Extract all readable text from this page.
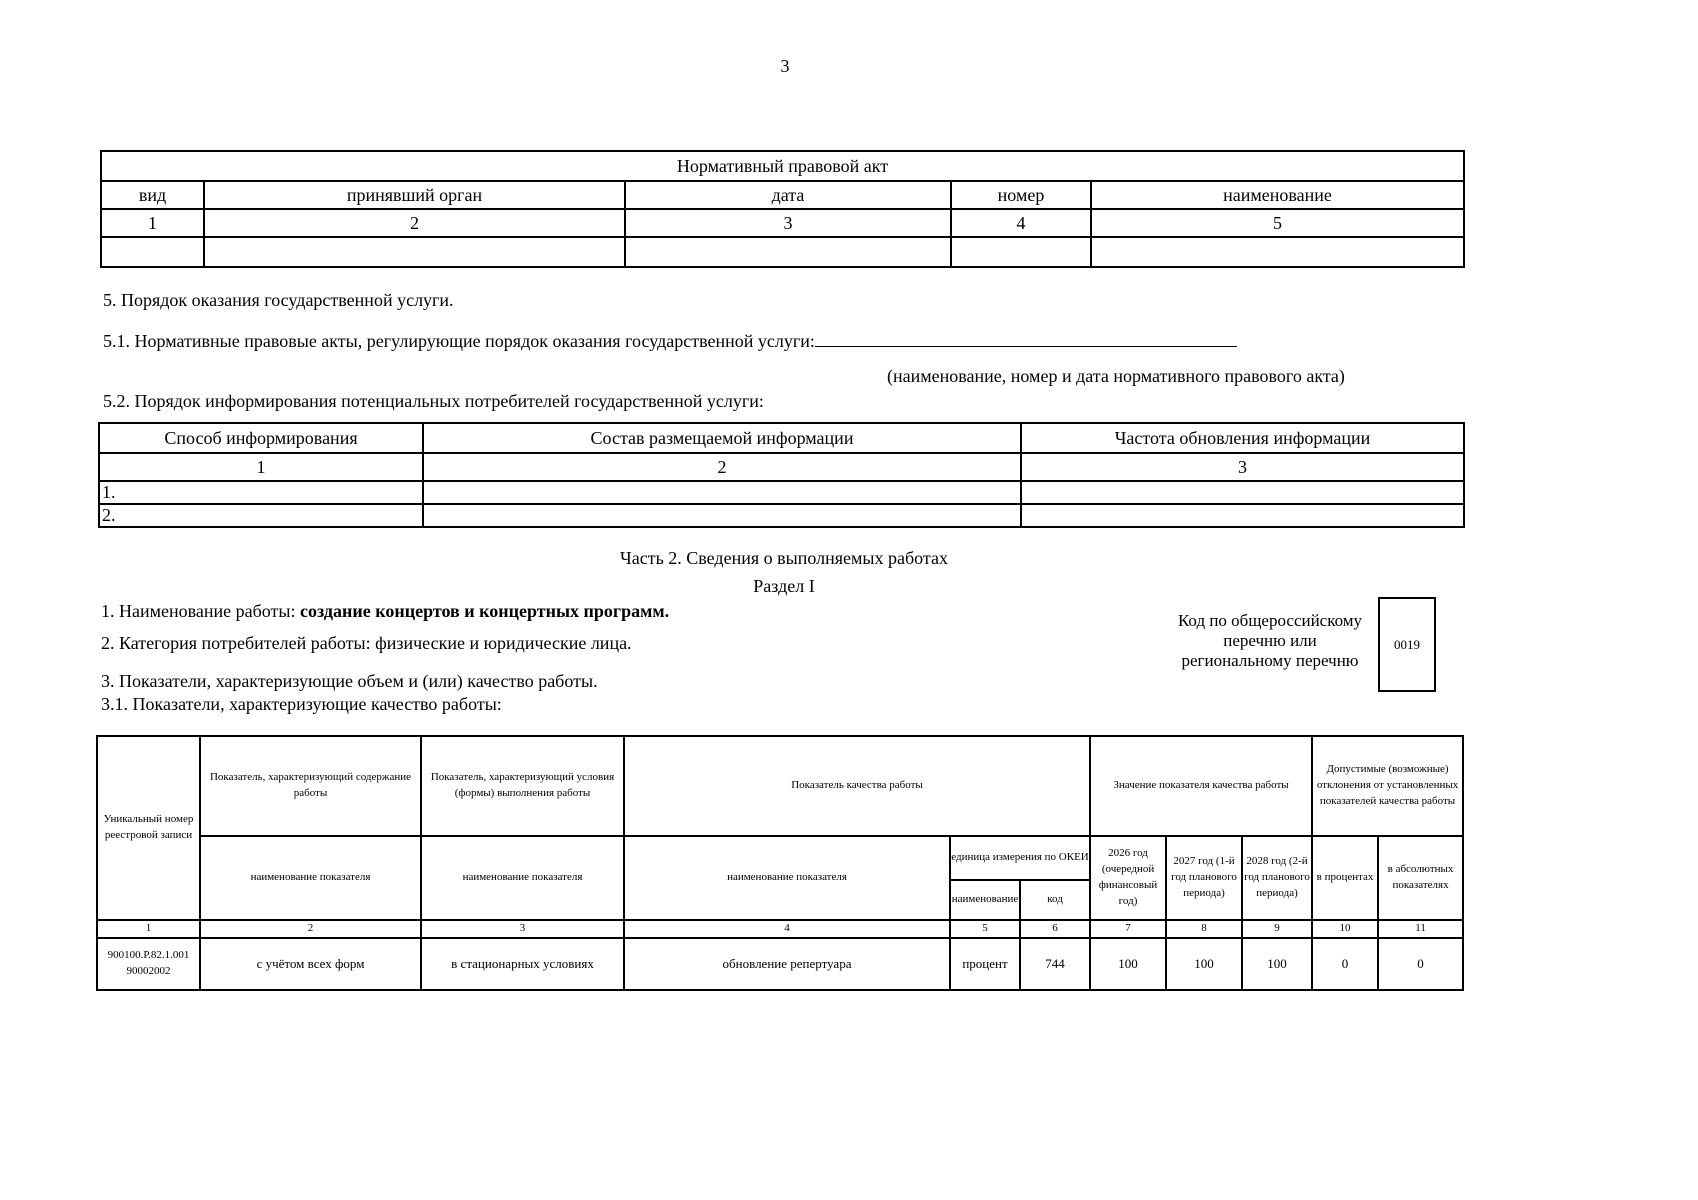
3
Нормативный правовой акт				
вид	принявший орган	дата	номер	наименование
1	2	3	4	5

5. Порядок оказания государственной услуги.
5.1. Нормативные правовые акты, регулирующие порядок оказания государственной услуги:
(наименование, номер и дата нормативного правового акта)
5.2. Порядок информирования потенциальных потребителей государственной услуги:
Способ информирования	Состав размещаемой информации	Частота обновления информации
1	2	3
1.		
2.		
Часть 2. Сведения о выполняемых работах
Раздел I
1. Наименование работы: создание концертов и концертных программ.
2. Категория потребителей работы: физические и юридические лица.
3. Показатели, характеризующие объем и (или) качество работы.
3.1. Показатели, характеризующие качество работы:
Код по общероссийскому
перечню или
региональному перечню
0019
Уникальный номер реестровой записи	Показатель, характеризующий содержание работы	Показатель, характеризующий условия (формы) выполнения работы	Показатель качества работы			Значение показателя качества работы			Допустимые (возможные) отклонения от установленных показателей качества работы	
	наименование показателя	наименование показателя	наименование показателя	единица измерения по ОКЕИ		2026 год (очередной финансовый год)	2027 год (1-й год планового периода)	2028 год (2-й год планового периода)	в процентах	в абсолютных показателях
				наименование	код					
1	2	3	4	5	6	7	8	9	10	11
900100.Р.82.1.001 90002002	с учётом всех форм	в стационарных условиях	обновление репертуара	процент	744	100	100	100	0	0
